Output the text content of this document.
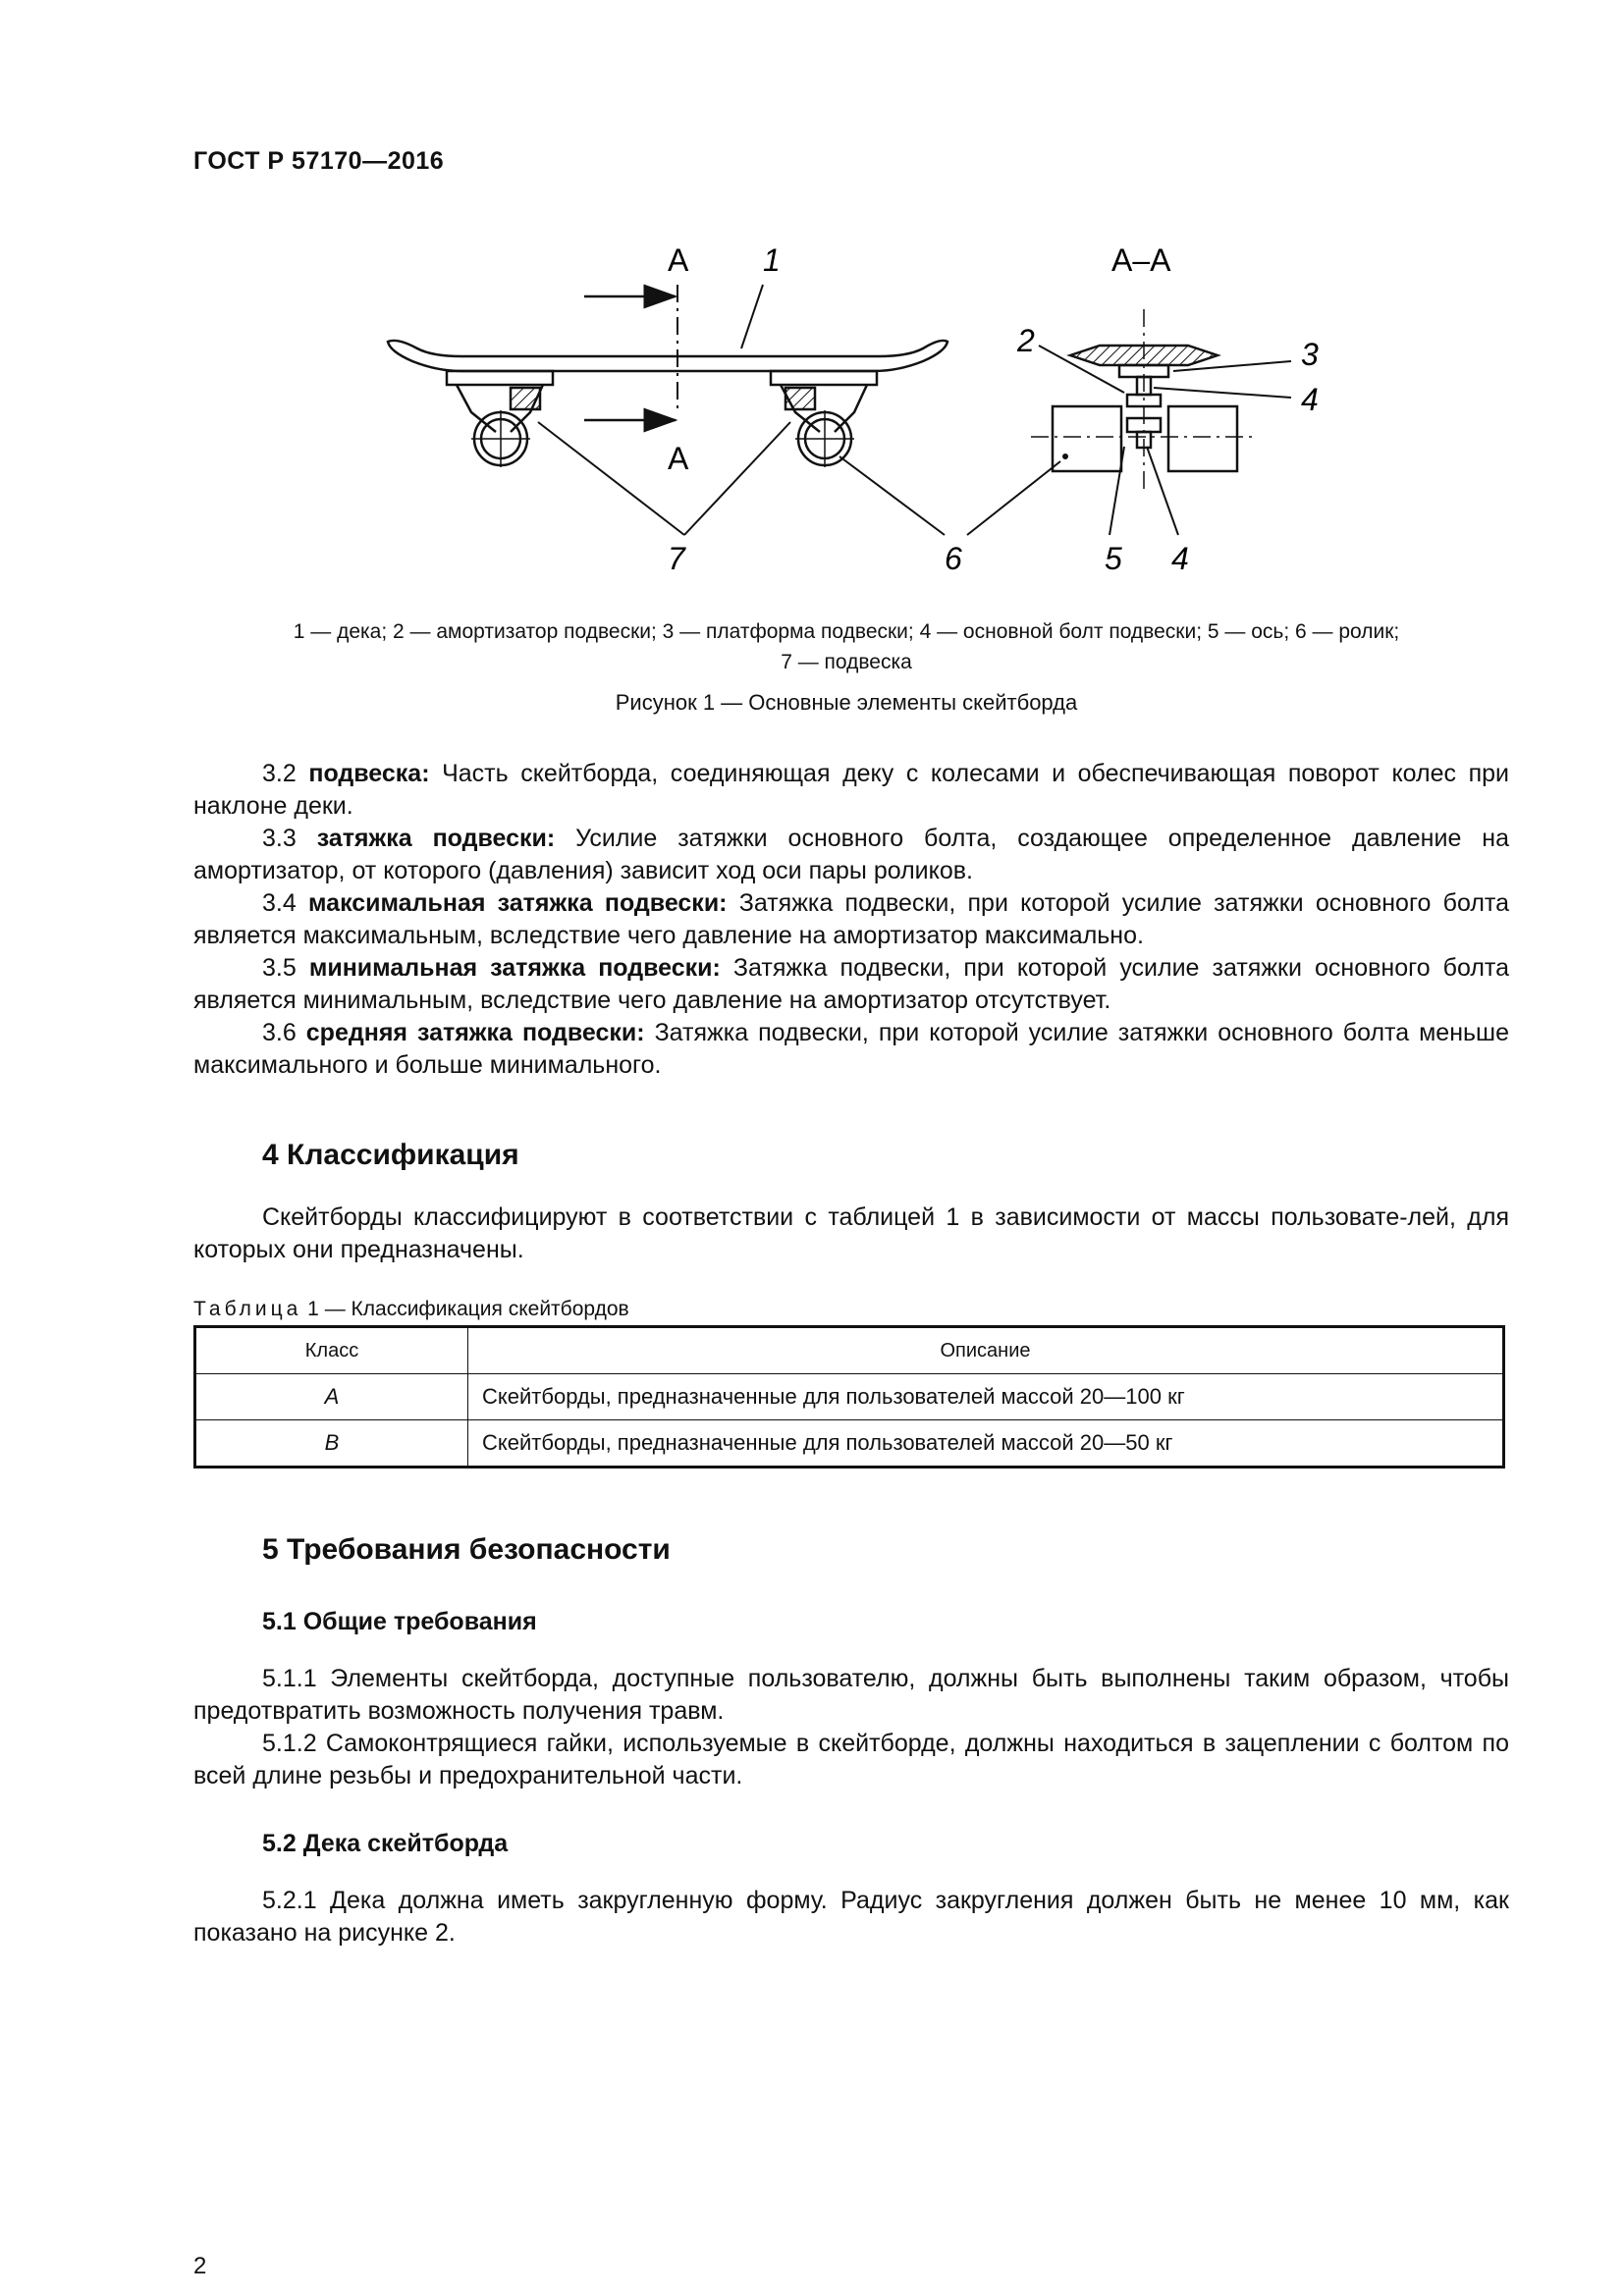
ГОСТ Р 57170—2016
A
A
A–A
1
2	3
4
4
5
6
7
1 — дека; 2 — амортизатор подвески; 3 — платформа подвески; 4 — основной болт подвески; 5 — ось; 6 — ролик;
7 — подвеска
Рисунок 1 — Основные элементы скейтборда

3.2 подвеска: Часть скейтборда, соединяющая деку с колесами и обеспечивающая поворот колес при наклоне деки.

3.3 затяжка подвески: Усилие затяжки основного болта, создающее определенное давление на амортизатор, от которого (давления) зависит ход оси пары роликов.

3.4 максимальная затяжка подвески: Затяжка подвески, при которой усилие затяжки основного болта является максимальным, вследствие чего давление на амортизатор максимально.

3.5 минимальная затяжка подвески: Затяжка подвески, при которой усилие затяжки основного болта является минимальным, вследствие чего давление на амортизатор отсутствует.

3.6 средняя затяжка подвески: Затяжка подвески, при которой усилие затяжки основного болта меньше максимального и больше минимального.

4 Классификация

Скейтборды классифицируют в соответствии с таблицей 1 в зависимости от массы пользовате-лей, для которых они предназначены.

Таблица 1 — Классификация скейтбордов
Класс	Описание
A	Скейтборды, предназначенные для пользователей массой 20—100 кг
B	Скейтборды, предназначенные для пользователей массой 20—50 кг
5 Требования безопасности
5.1 Общие требования

5.1.1 Элементы скейтборда, доступные пользователю, должны быть выполнены таким образом, чтобы предотвратить возможность получения травм.

5.1.2 Самоконтрящиеся гайки, используемые в скейтборде, должны находиться в зацеплении с болтом по всей длине резьбы и предохранительной части.

5.2 Дека скейтборда

5.2.1 Дека должна иметь закругленную форму. Радиус закругления должен быть не менее 10 мм, как показано на рисунке 2.

2
